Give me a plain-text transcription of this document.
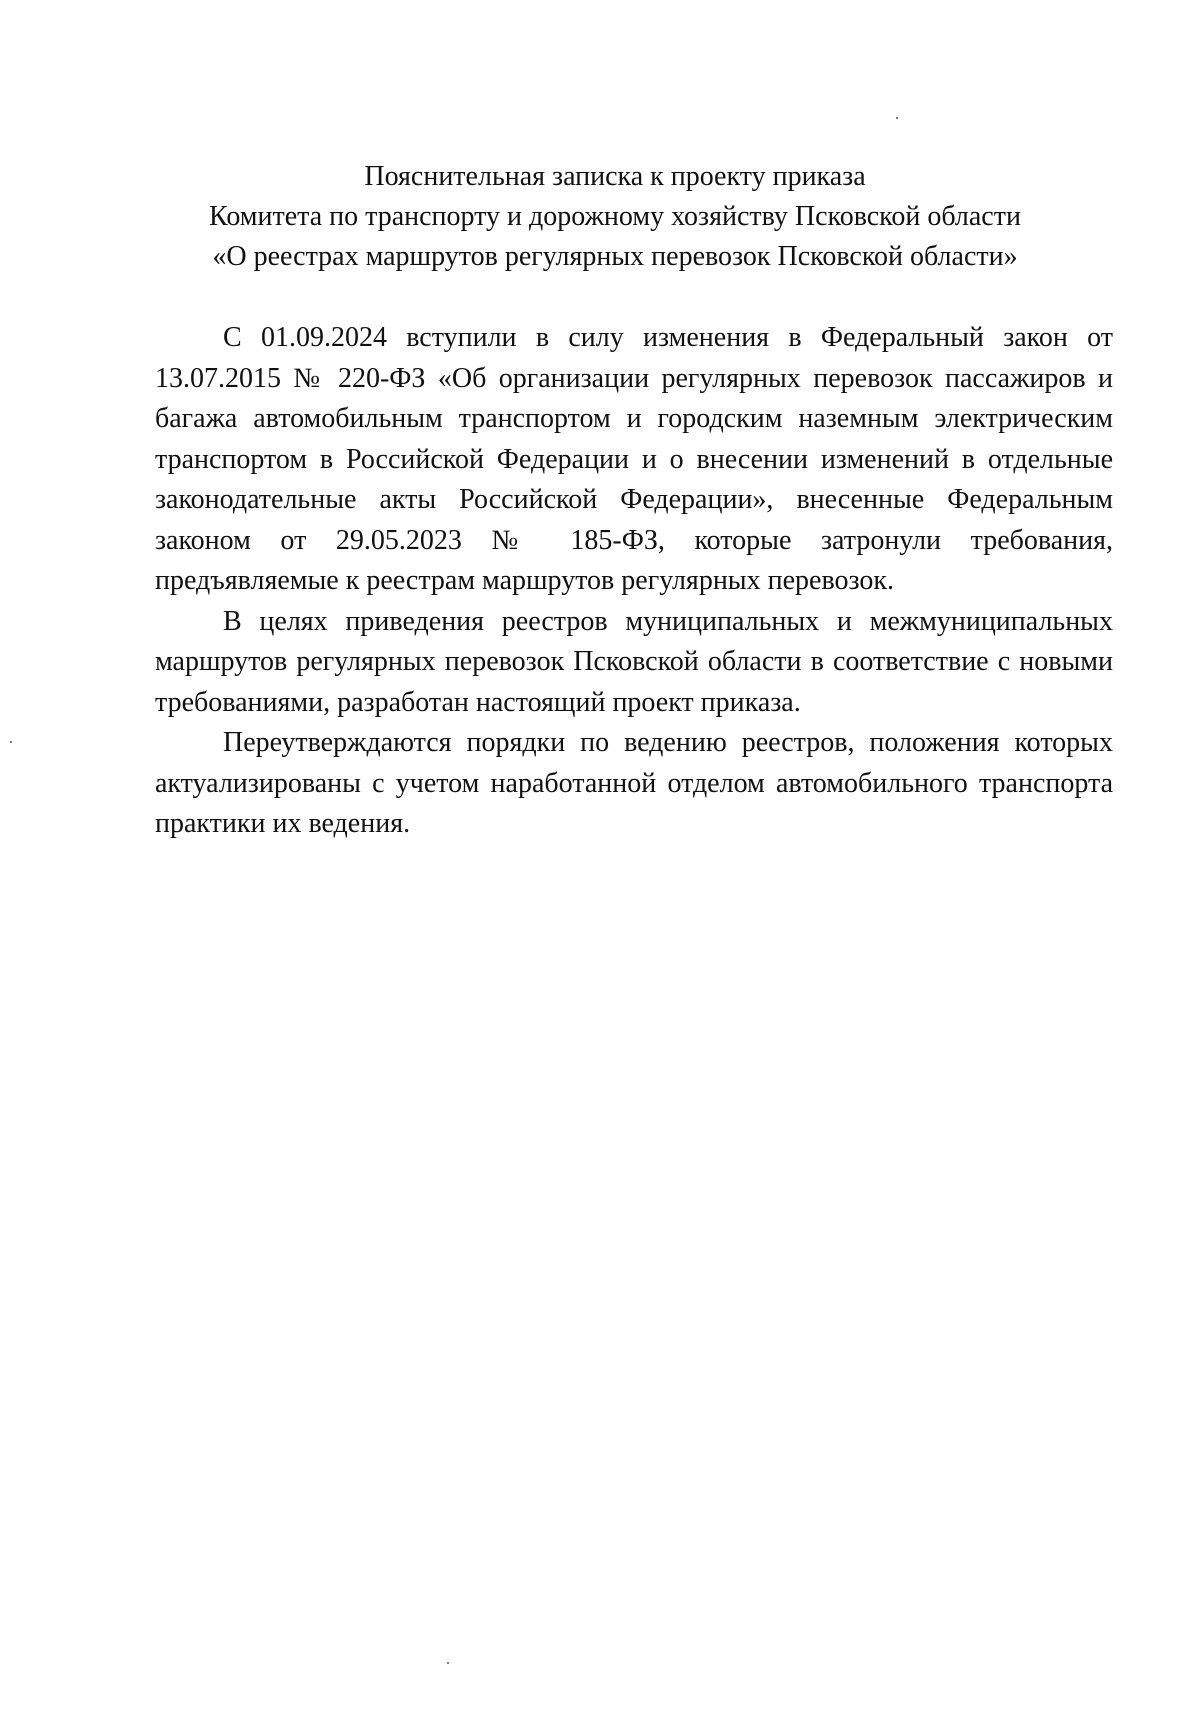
Пояснительная записка к проекту приказа
Комитета по транспорту и дорожному хозяйству Псковской области
«О реестрах маршрутов регулярных перевозок Псковской области»

С 01.09.2024 вступили в силу изменения в Федеральный закон от 13.07.2015 № 220-ФЗ «Об организации регулярных перевозок пассажиров и багажа автомобильным транспортом и городским наземным электрическим транспортом в Российской Федерации и о внесении изменений в отдельные законодательные акты Российской Федерации», внесенные Федеральным законом от 29.05.2023 № 185-ФЗ, которые затронули требования, предъявляемые к реестрам маршрутов регулярных перевозок.

В целях приведения реестров муниципальных и межмуниципальных маршрутов регулярных перевозок Псковской области в соответствие с новыми требованиями, разработан настоящий проект приказа.

Переутверждаются порядки по ведению реестров, положения которых актуализированы с учетом наработанной отделом автомобильного транспорта практики их ведения.
